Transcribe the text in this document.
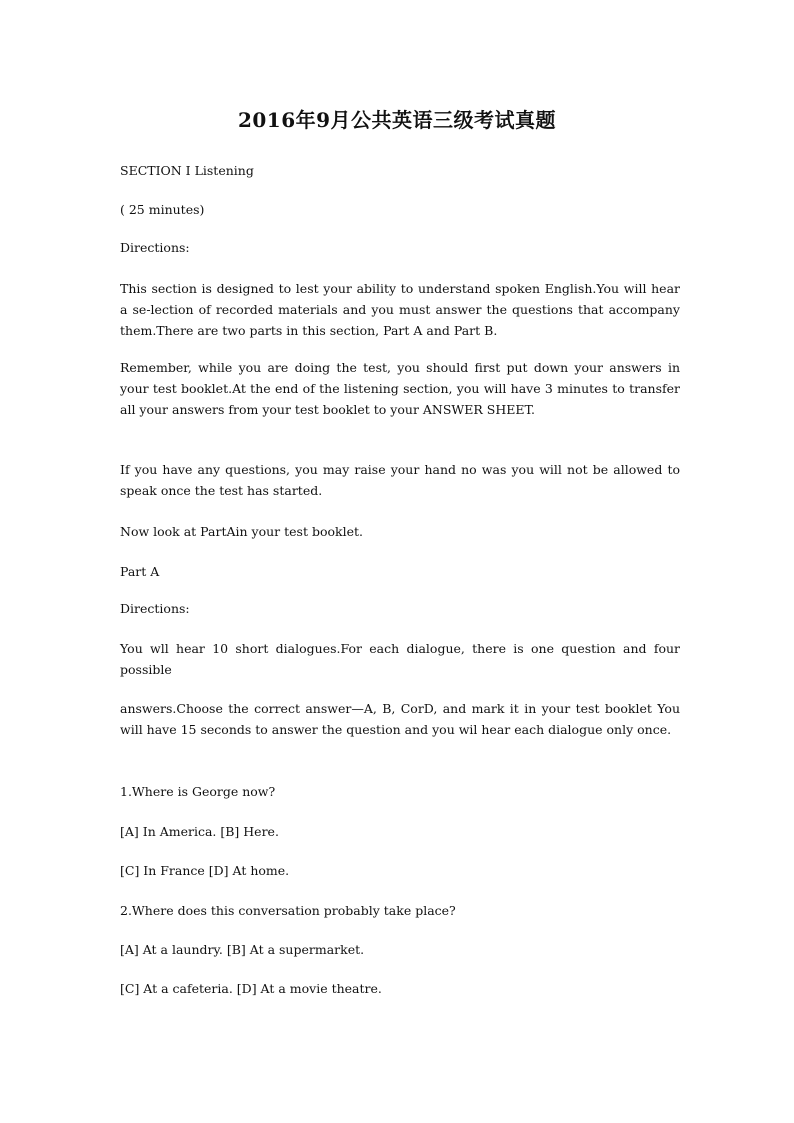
2016年9月公共英语三级考试真题

SECTION I Listening

( 25 minutes)

Directions:

This section is designed to lest your ability to understand spoken English.You will hear a se-lection of recorded materials and you must answer the questions that accompany them.There are two parts in this section, Part A and Part B.

Remember, while you are doing the test, you should first put down your answers in your test booklet.At the end of the listening section, you will have 3 minutes to transfer all your answers from your test booklet to your ANSWER SHEET.

If you have any questions, you may raise your hand no was you will not be allowed to speak once the test has started.

Now look at PartAin your test booklet.

Part A

Directions:

You wll hear 10 short dialogues.For each dialogue, there is one question and four possible

answers.Choose the correct answer—A, B, CorD, and mark it in your test booklet You will have 15 seconds to answer the question and you wil hear each dialogue only once.

1.Where is George now?

[A] In America. [B] Here.

[C] In France [D] At home.

2.Where does this conversation probably take place?

[A] At a laundry. [B] At a supermarket.

[C] At a cafeteria. [D] At a movie theatre.
